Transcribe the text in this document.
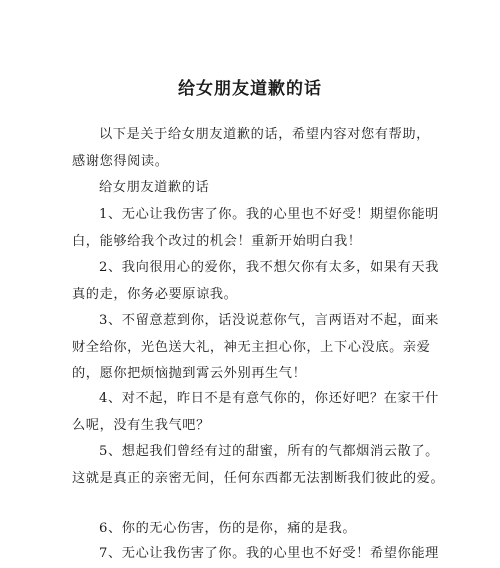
给女朋友道歉的话

以下是关于给女朋友道歉的话，希望内容对您有帮助，
感谢您得阅读。

给女朋友道歉的话

1、无心让我伤害了你。我的心里也不好受！期望你能明
白，能够给我个改过的机会！重新开始明白我！

2、我向很用心的爱你，我不想欠你有太多，如果有天我
真的走，你务必要原谅我。

3、不留意惹到你，话没说惹你气，言两语对不起，面来
财全给你，光色送大礼，神无主担心你，上下心没底。亲爱
的，愿你把烦恼抛到霄云外别再生气！

4、对不起，昨日不是有意气你的，你还好吧？在家干什
么呢，没有生我气吧？

5、想起我们曾经有过的甜蜜，所有的气都烟消云散了。
这就是真正的亲密无间，任何东西都无法割断我们彼此的爱。

6、你的无心伤害，伤的是你，痛的是我。

7、无心让我伤害了你。我的心里也不好受！希望你能理
